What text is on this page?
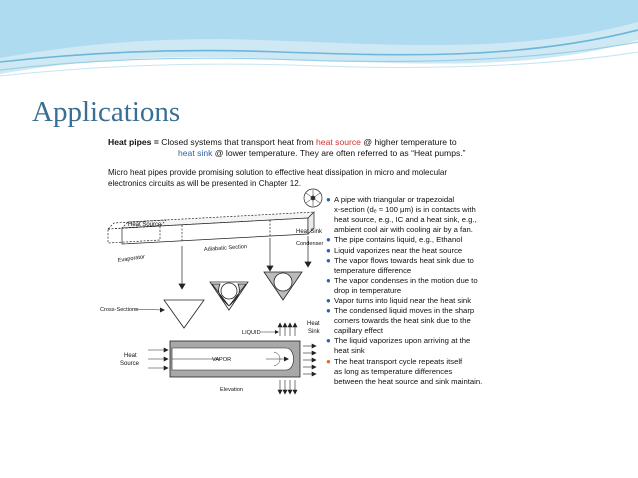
Applications
Heat pipes = Closed systems that transport heat from heat source @ higher temperature to
heat sink @ lower temperature. They are often referred to as “Heat pumps.”
Micro heat pipes provide promising solution to effective heat dissipation in micro and molecular
electronics circuits as will be presented in Chapter 12.
● A pipe with triangular or trapezoidal
x-section (dₑ ≈ 100 μm) is in contacts with
heat source, e.g., IC and a heat sink, e.g.,
ambient cool air with cooling air by a fan.
● The pipe contains liquid, e.g., Ethanol
● Liquid vaporizes near the heat source
● The vapor flows towards heat sink due to
temperature difference
● The vapor condenses in the motion due to
drop in temperature
● Vapor turns into liquid near the heat sink
● The condensed liquid moves in the sharp
corners towards the heat sink due to the
capillary effect
● The liquid vaporizes upon arriving at the
heat sink
● The heat transport cycle repeats itself
as long as temperature differences
between the heat source and sink maintain.
Heat Source
Heat Sink
Adiabatic Section	Condenser
Evaporator
Cross-Sections
VAPOR
LIQUID
Heat
Sink
Heat
Source
Elevation
